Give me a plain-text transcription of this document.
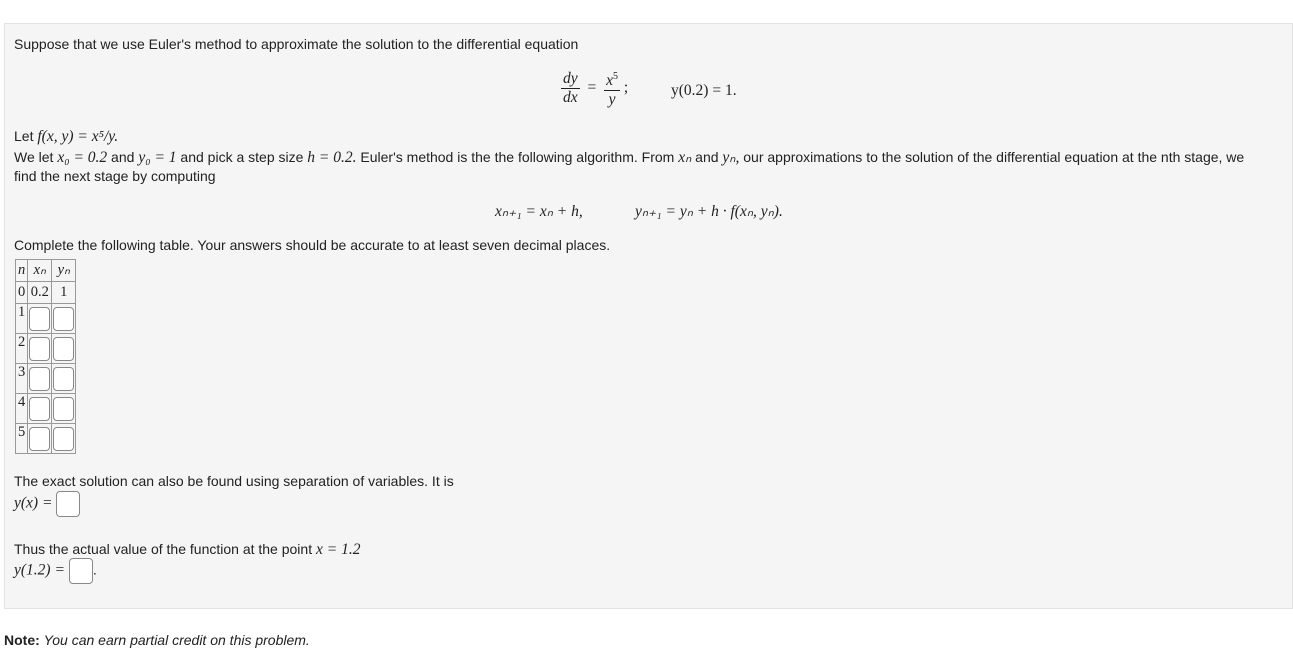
Suppose that we use Euler's method to approximate the solution to the differential equation
$\frac{dy}{dx} = \frac{x^5}{y}$ ;	y(0.2) = 1.
Let f(x, y) = x⁵/y.
We let x₀ = 0.2 and y₀ = 1 and pick a step size h = 0.2. Euler's method is the the following algorithm. From xₙ and yₙ, our approximations to the solution of the differential equation at the nth stage, we
find the next stage by computing
xₙ₊₁ = xₙ + h,	yₙ₊₁ = yₙ + h · f(xₙ, yₙ).
Complete the following table. Your answers should be accurate to at least seven decimal places.
n	xₙ	yₙ
0	0.2	1
1		
2		
3		
4		
5		
The exact solution can also be found using separation of variables. It is
y(x) =
Thus the actual value of the function at the point x = 1.2
y(1.2) = .
Note: You can earn partial credit on this problem.
